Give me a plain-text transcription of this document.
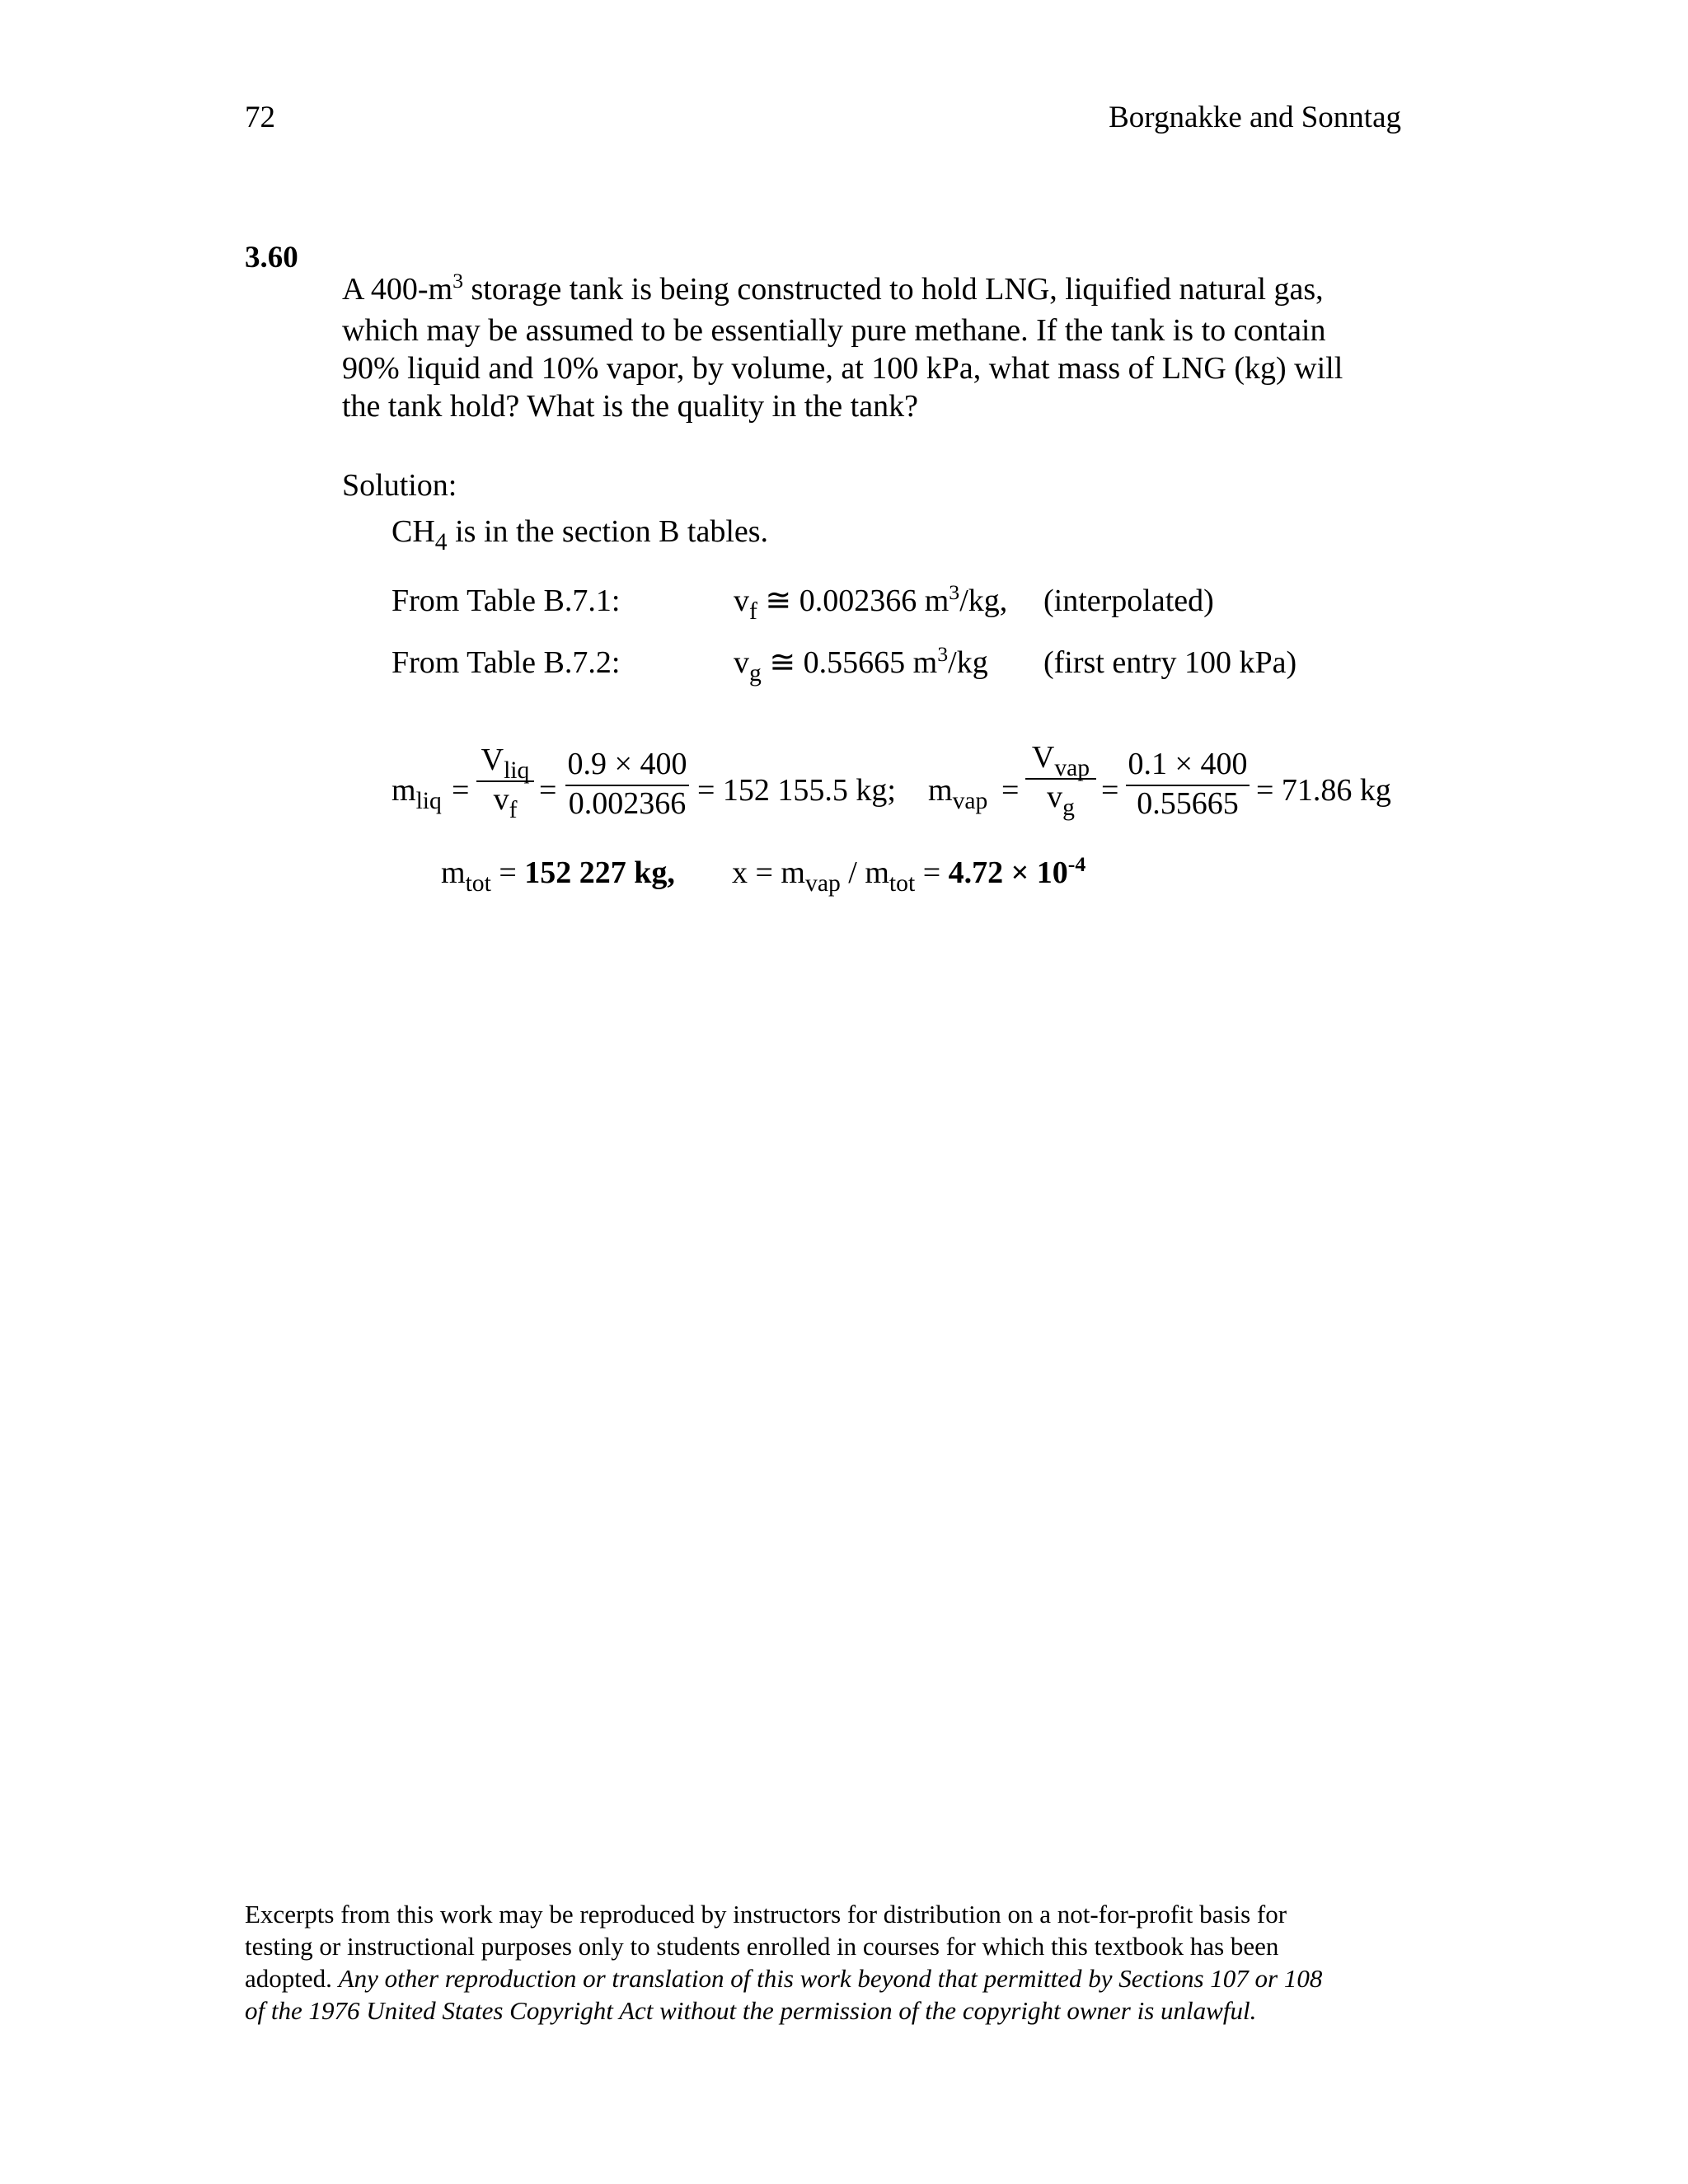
72	Borgnakke and Sonntag
3.60
A $400-m^3$ storage tank is being constructed to hold LNG, liquified natural gas,
which may be assumed to be essentially pure methane. If the tank is to contain
90% liquid and 10% vapor, by volume, at 100 kPa, what mass of LNG (kg) will
the tank hold? What is the quality in the tank?
Solution:
$CH_4$ is in the section B tables.
From Table B.7.1:	$v_f$ ≅ 0.002366 $m^3/kg$, (interpolated)
From Table B.7.2:	$v_g$ ≅ 0.55665 $m^3/kg$ (first entry 100 kPa)
$m_{liq}$ =
$V_{liq}$
$v_f$
= $\frac{0.9 \times 400}{0.002366} = 152$ 155.5 kg; $m_{vap}$ =
$V_{vap}$
$v_g$
= $\frac{0.1 \times 400}{0.55665} = 71.86$ kg
$m_{tot} = 152$ 227 kg, $x = m_{vap} / m_{tot} = 4.72 \times 10^{-4}$
Excerpts from this work may be reproduced by instructors for distribution on a not-for-profit basis for
testing or instructional purposes only to students enrolled in courses for which this textbook has been
adopted. Any other reproduction or translation of this work beyond that permitted by Sections 107 or 108
of the 1976 United States Copyright Act without the permission of the copyright owner is unlawful.
